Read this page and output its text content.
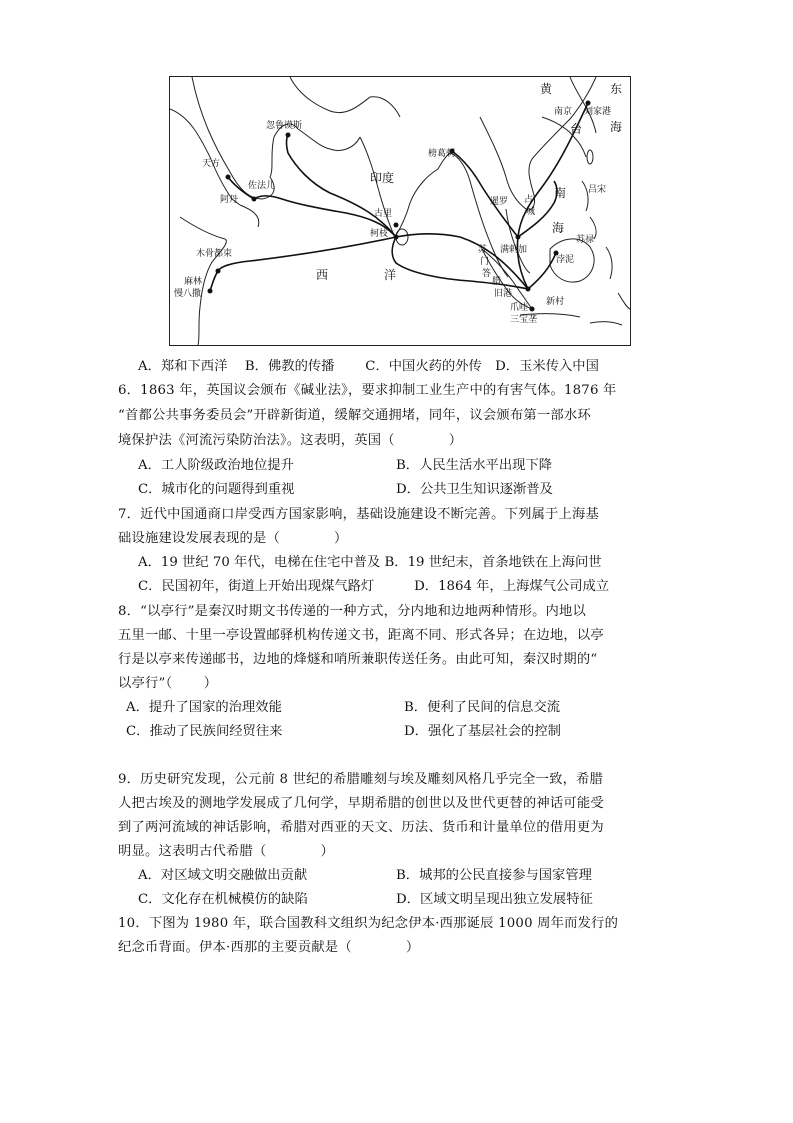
忽鲁谟斯
天方
佐法儿
阿丹
木骨都束
麻林
慢八撒
印度
古里
柯枝
榜葛剌
暹罗 占
城
南
海
吕宋
苏禄
浡泥
满剌加
苏
门
答
腊
旧港
爪哇
新村
三宝垄
南京 刘家港
黄	东
海
台
西	洋
A．郑和下西洋　 B．佛教的传播　　 C．中国火药的外传　D．玉米传入中国
6．1863 年，英国议会颁布《碱业法》，要求抑制工业生产中的有害气体。1876 年
“首都公共事务委员会”开辟新街道，缓解交通拥堵，同年，议会颁布第一部水环
境保护法《河流污染防治法》。这表明，英国（　　　　）
A．工人阶级政治地位提升	B．人民生活水平出现下降
C．城市化的问题得到重视	D．公共卫生知识逐渐普及
7．近代中国通商口岸受西方国家影响，基础设施建设不断完善。下列属于上海基
础设施建设发展表现的是（　　　　）
A．19 世纪 70 年代，电梯在住宅中普及 B．19 世纪末，首条地铁在上海问世
C．民国初年，街道上开始出现煤气路灯　　　D．1864 年，上海煤气公司成立
8．“以亭行”是秦汉时期文书传递的一种方式，分内地和边地两种情形。内地以
五里一邮、十里一亭设置邮驿机构传递文书，距离不同、形式各异；在边地，以亭
行是以亭来传递邮书，边地的烽燧和哨所兼职传送任务。由此可知，秦汉时期的“
以亭行”（　　 ）
A．提升了国家的治理效能	B．便利了民间的信息交流
C．推动了民族间经贸往来	D．强化了基层社会的控制
9．历史研究发现，公元前 8 世纪的希腊雕刻与埃及雕刻风格几乎完全一致，希腊
人把古埃及的测地学发展成了几何学，早期希腊的创世以及世代更替的神话可能受
到了两河流域的神话影响，希腊对西亚的天文、历法、货币和计量单位的借用更为
明显。这表明古代希腊（　　　　）
A．对区域文明交融做出贡献	B．城邦的公民直接参与国家管理
C．文化存在机械模仿的缺陷	D．区域文明呈现出独立发展特征
10．下图为 1980 年，联合国教科文组织为纪念伊本·西那诞辰 1000 周年而发行的
纪念币背面。伊本·西那的主要贡献是（　　　　）
